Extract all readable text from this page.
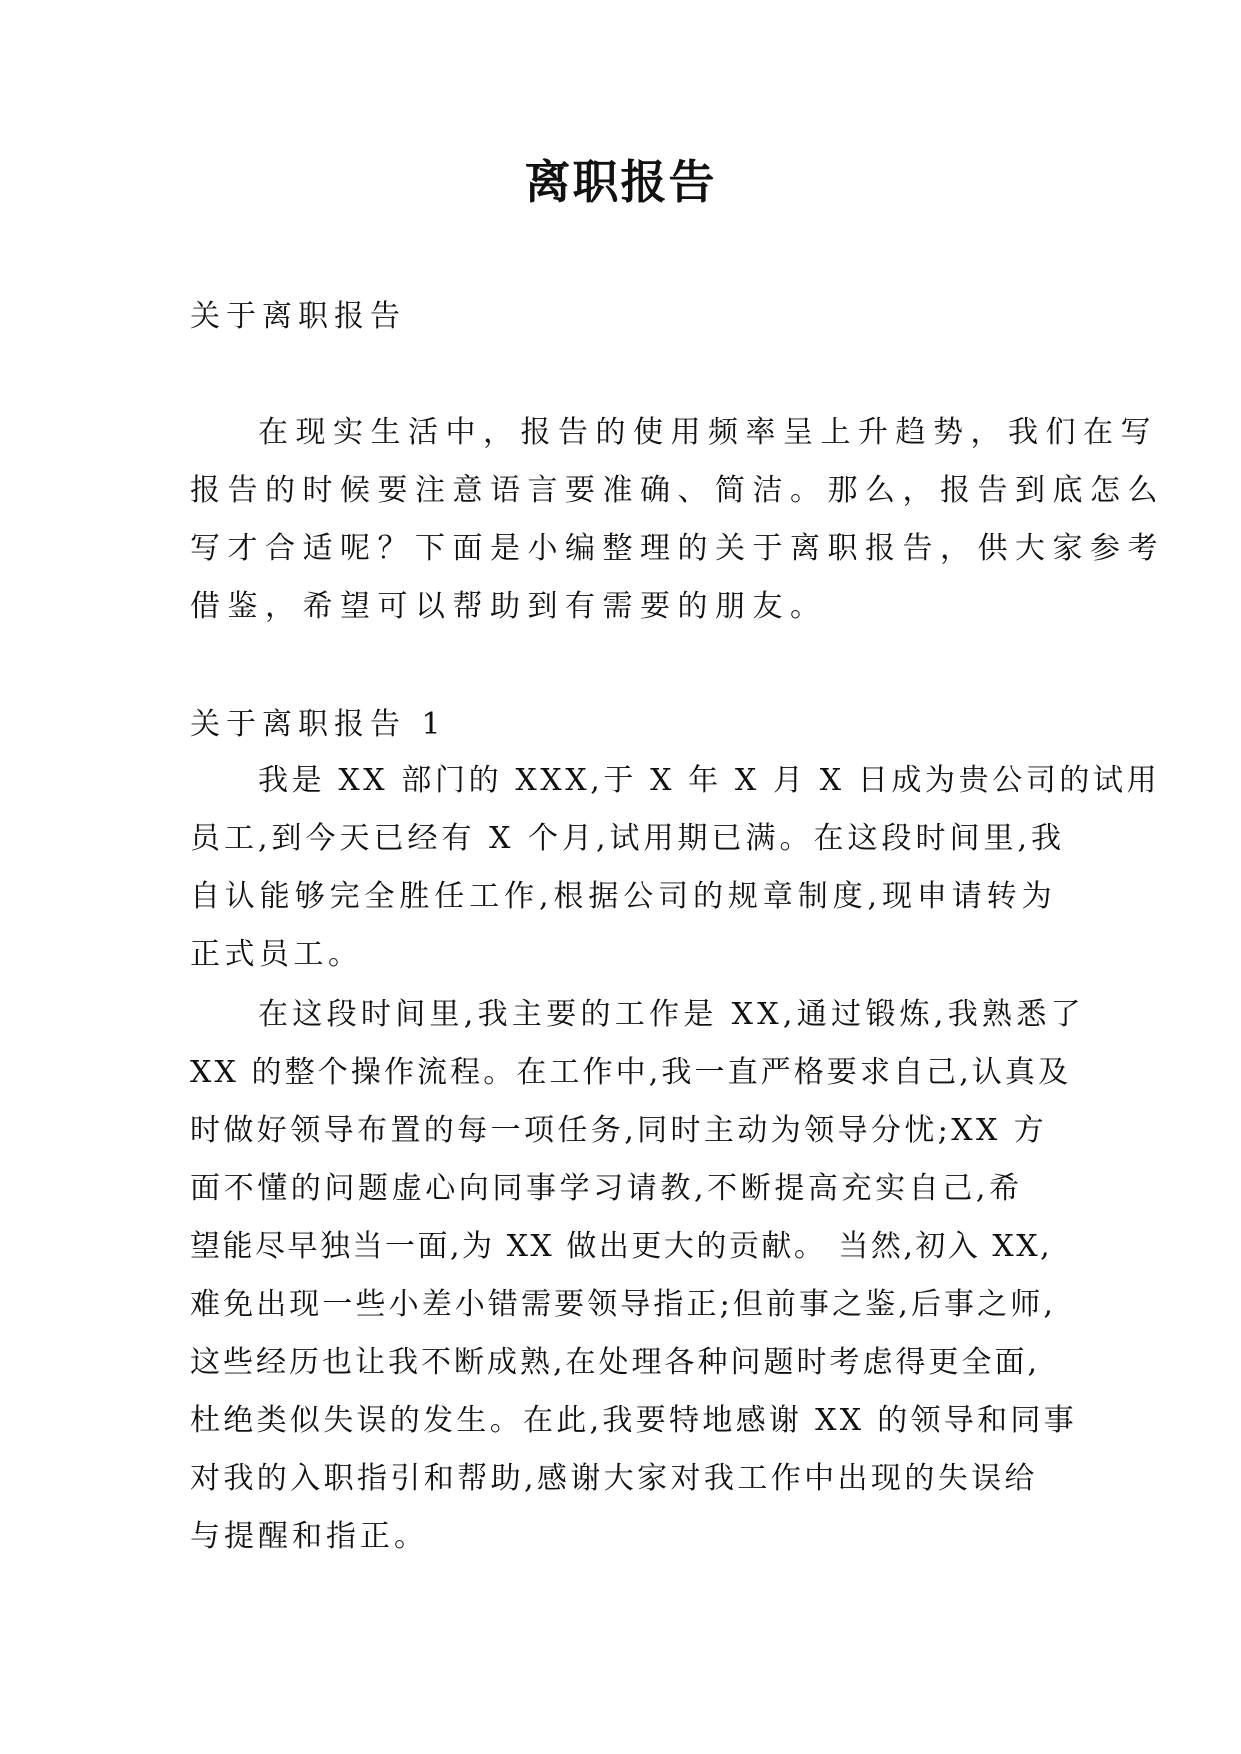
离职报告

关于离职报告

在现实生活中，报告的使用频率呈上升趋势，我们在写

报告的时候要注意语言要准确、简洁。那么，报告到底怎么

写才合适呢？下面是小编整理的关于离职报告，供大家参考

借鉴，希望可以帮助到有需要的朋友。

关于离职报告 1

我是 XX 部门的 XXX,于 X 年 X 月 X 日成为贵公司的试用

员工,到今天已经有 X 个月,试用期已满。在这段时间里,我

自认能够完全胜任工作,根据公司的规章制度,现申请转为

正式员工。

在这段时间里,我主要的工作是 XX,通过锻炼,我熟悉了

XX 的整个操作流程。在工作中,我一直严格要求自己,认真及

时做好领导布置的每一项任务,同时主动为领导分忧;XX 方

面不懂的问题虚心向同事学习请教,不断提高充实自己,希

望能尽早独当一面,为 XX 做出更大的贡献。 当然,初入 XX,

难免出现一些小差小错需要领导指正;但前事之鉴,后事之师,

这些经历也让我不断成熟,在处理各种问题时考虑得更全面,

杜绝类似失误的发生。在此,我要特地感谢 XX 的领导和同事

对我的入职指引和帮助,感谢大家对我工作中出现的失误给

与提醒和指正。
